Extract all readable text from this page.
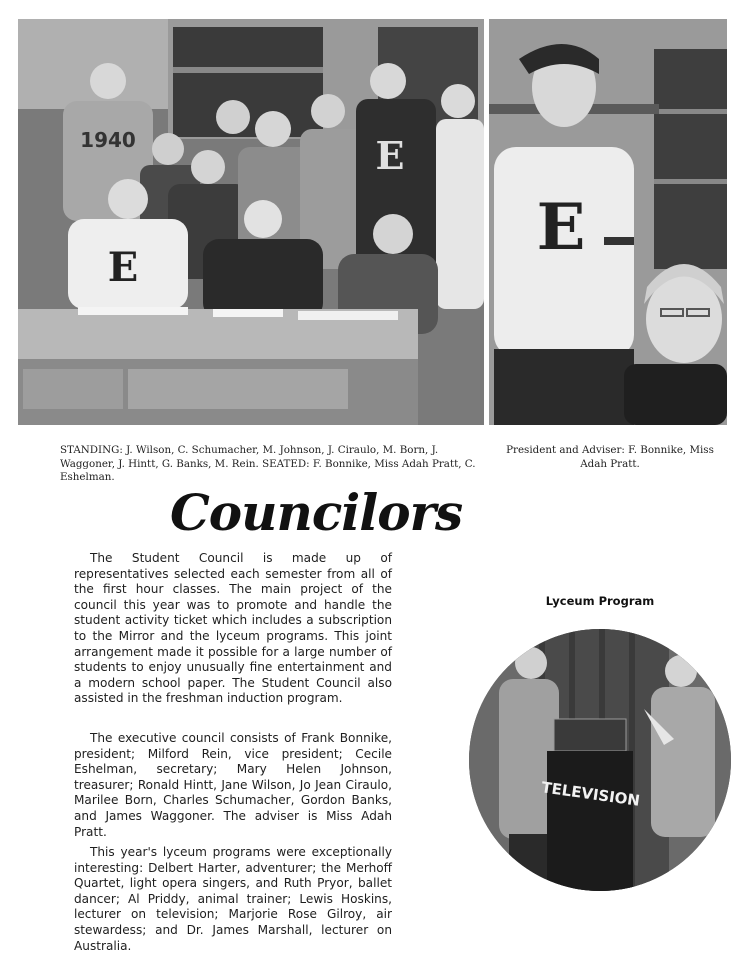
1940	E
E
E
STANDING: J. Wilson, C. Schumacher, M. Johnson, J. Ciraulo, M. Born, J. Waggoner, J. Hintt, G. Banks, M. Rein. SEATED: F. Bonnike, Miss Adah Pratt, C. Eshelman.
President and Adviser: F. Bonnike, Miss Adah Pratt.
Councilors

The Student Council is made up of representatives selected each semester from all of the first hour classes. The main project of the council this year was to promote and handle the student activity ticket which includes a subscription to the Mirror and the lyceum programs. This joint arrangement made it possible for a large number of students to enjoy unusually fine entertainment and a modern school paper. The Student Council also assisted in the freshman induction program.

The executive council consists of Frank Bonnike, president; Milford Rein, vice president; Cecile Eshelman, secretary; Mary Helen Johnson, treasurer; Ronald Hintt, Jane Wilson, Jo Jean Ciraulo, Marilee Born, Charles Schumacher, Gordon Banks, and James Waggoner. The adviser is Miss Adah Pratt.

This year's lyceum programs were exceptionally interesting: Delbert Harter, adventurer; the Merhoff Quartet, light opera singers, and Ruth Pryor, ballet dancer; Al Priddy, animal trainer; Lewis Hoskins, lecturer on television; Marjorie Rose Gilroy, air stewardess; and Dr. James Marshall, lecturer on Australia.

Lyceum Program
TELEVISION
